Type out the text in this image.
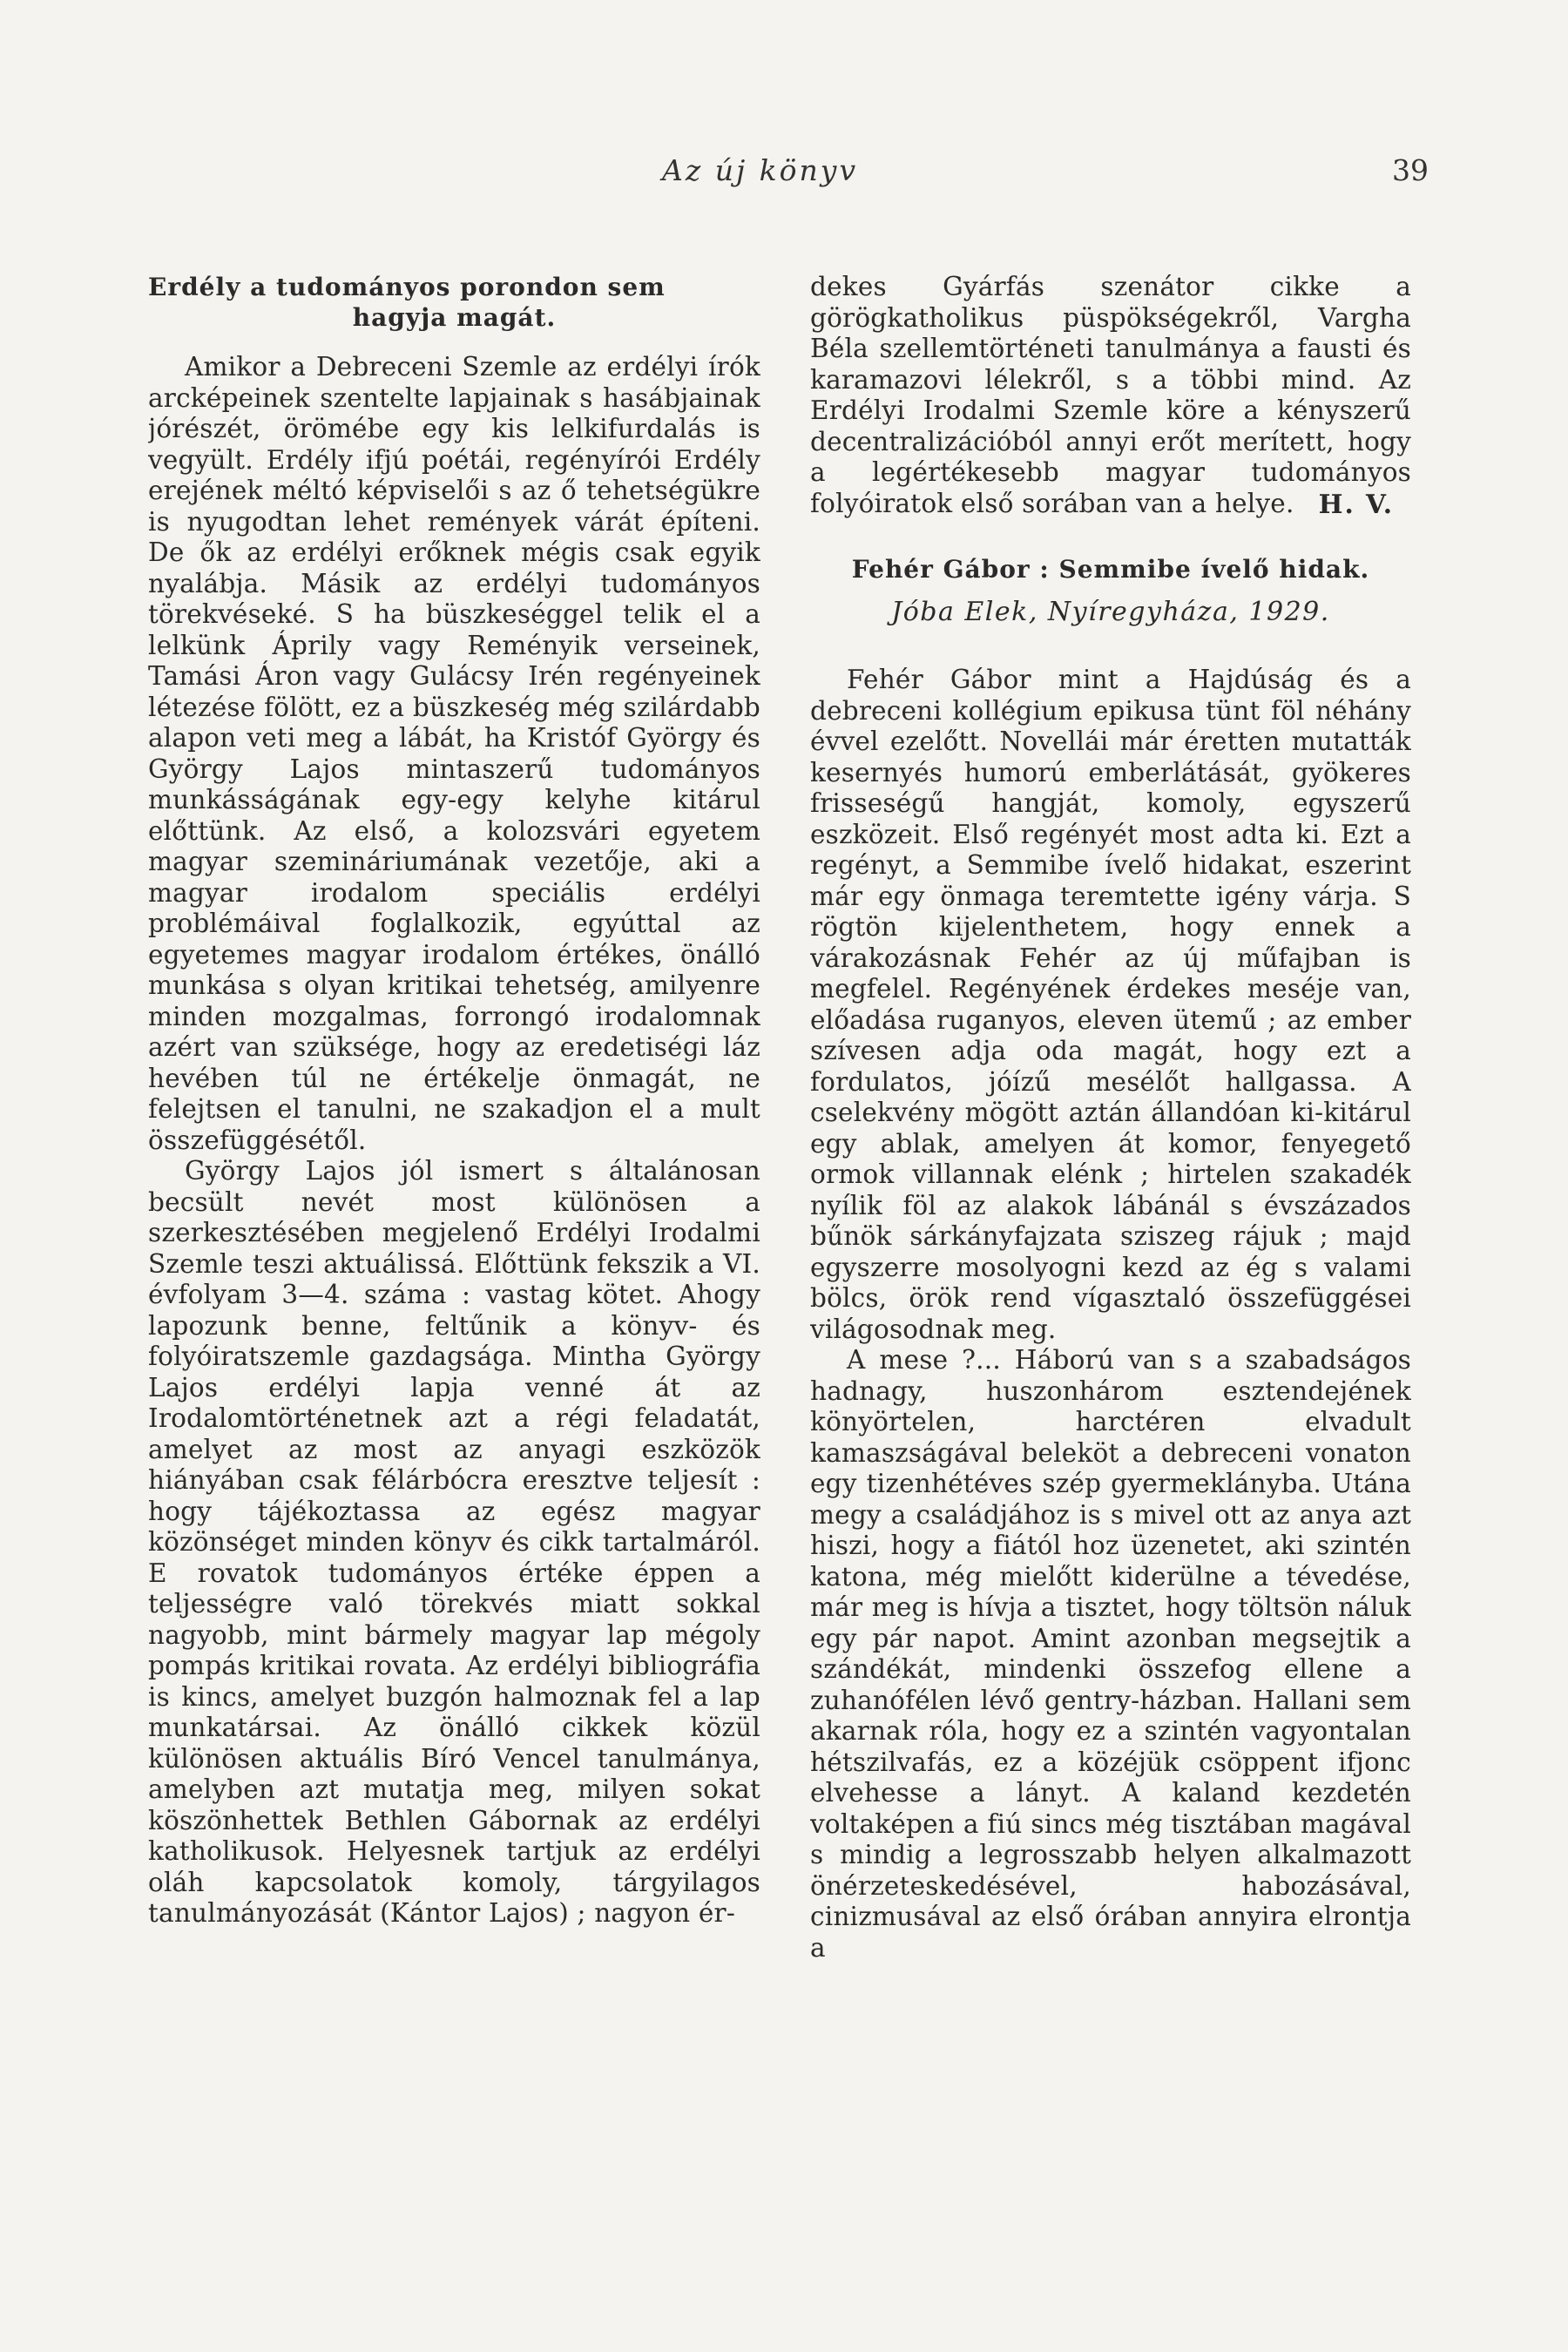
Az új könyv	39
Erdély a tudományos porondon sem
hagyja magát.

Amikor a Debreceni Szemle az erdélyi írók arcképeinek szentelte lapjainak s hasábjainak jórészét, örömébe egy kis lelkifurdalás is vegyült. Erdély ifjú poétái, regényírói Erdély erejének méltó képviselői s az ő tehetségükre is nyugodtan lehet remények várát építeni. De ők az erdélyi erőknek mégis csak egyik nyalábja. Másik az erdélyi tudományos törekvéseké. S ha büszkeséggel telik el a lelkünk Áprily vagy Reményik verseinek, Tamási Áron vagy Gulácsy Irén regényeinek létezése fölött, ez a büszkeség még szilárdabb alapon veti meg a lábát, ha Kristóf György és György Lajos mintaszerű tudományos munkásságának egy-egy kelyhe kitárul előttünk. Az első, a kolozsvári egyetem magyar szemináriumának vezetője, aki a magyar irodalom speciális erdélyi problémáival foglalkozik, egyúttal az egyetemes magyar irodalom értékes, önálló munkása s olyan kritikai tehetség, amilyenre minden mozgalmas, forrongó irodalomnak azért van szüksége, hogy az eredetiségi láz hevében túl ne értékelje önmagát, ne felejtsen el tanulni, ne szakadjon el a mult összefüggésétől.

György Lajos jól ismert s általánosan becsült nevét most különösen a szerkesztésében megjelenő Erdélyi Irodalmi Szemle teszi aktuálissá. Előttünk fekszik a VI. évfolyam 3—4. száma : vastag kötet. Ahogy lapozunk benne, feltűnik a könyv- és folyóiratszemle gazdagsága. Mintha György Lajos erdélyi lapja venné át az Irodalomtörténetnek azt a régi feladatát, amelyet az most az anyagi eszközök hiányában csak félárbócra eresztve teljesít : hogy tájékoztassa az egész magyar közönséget minden könyv és cikk tartalmáról. E rovatok tudományos értéke éppen a teljességre való törekvés miatt sokkal nagyobb, mint bármely magyar lap mégoly pompás kritikai rovata. Az erdélyi bibliográfia is kincs, amelyet buzgón halmoznak fel a lap munkatársai. Az önálló cikkek közül különösen aktuális Bíró Vencel tanulmánya, amelyben azt mutatja meg, milyen sokat köszönhettek Bethlen Gábornak az erdélyi katholikusok. Helyesnek tartjuk az erdélyi oláh kapcsolatok komoly, tárgyilagos tanulmányozását (Kántor Lajos) ; nagyon ér-

dekes Gyárfás szenátor cikke a görögkatholikus püspökségekről, Vargha Béla szellemtörténeti tanulmánya a fausti és karamazovi lélekről, s a többi mind. Az Erdélyi Irodalmi Szemle köre a kényszerű decentralizációból annyi erőt merített, hogy a legértékesebb magyar tudományos folyóiratok első sorában van a helye. H. V.

Fehér Gábor : Semmibe ívelő hidak.
Jóba Elek, Nyíregyháza, 1929.

Fehér Gábor mint a Hajdúság és a debreceni kollégium epikusa tünt föl néhány évvel ezelőtt. Novellái már éretten mutatták kesernyés humorú emberlátását, gyökeres frisseségű hangját, komoly, egyszerű eszközeit. Első regényét most adta ki. Ezt a regényt, a Semmibe ívelő hidakat, eszerint már egy önmaga teremtette igény várja. S rögtön kijelenthetem, hogy ennek a várakozásnak Fehér az új műfajban is megfelel. Regényének érdekes meséje van, előadása ruganyos, eleven ütemű ; az ember szívesen adja oda magát, hogy ezt a fordulatos, jóízű mesélőt hallgassa. A cselekvény mögött aztán állandóan ki-kitárul egy ablak, amelyen át komor, fenyegető ormok villannak elénk ; hirtelen szakadék nyílik föl az alakok lábánál s évszázados bűnök sárkányfajzata sziszeg rájuk ; majd egyszerre mosolyogni kezd az ég s valami bölcs, örök rend vígasztaló összefüggései világosodnak meg.

A mese ?... Háború van s a szabadságos hadnagy, huszonhárom esztendejének könyörtelen, harctéren elvadult kamaszságával beleköt a debreceni vonaton egy tizenhétéves szép gyermeklányba. Utána megy a családjához is s mivel ott az anya azt hiszi, hogy a fiától hoz üzenetet, aki szintén katona, még mielőtt kiderülne a tévedése, már meg is hívja a tisztet, hogy töltsön náluk egy pár napot. Amint azonban megsejtik a szándékát, mindenki összefog ellene a zuhanófélen lévő gentry-házban. Hallani sem akarnak róla, hogy ez a szintén vagyontalan hétszilvafás, ez a közéjük csöppent ifjonc elvehesse a lányt. A kaland kezdetén voltaképen a fiú sincs még tisztában magával s mindig a legrosszabb helyen alkalmazott önérzeteskedésével, habozásával, cinizmusával az első órában annyira elrontja a
